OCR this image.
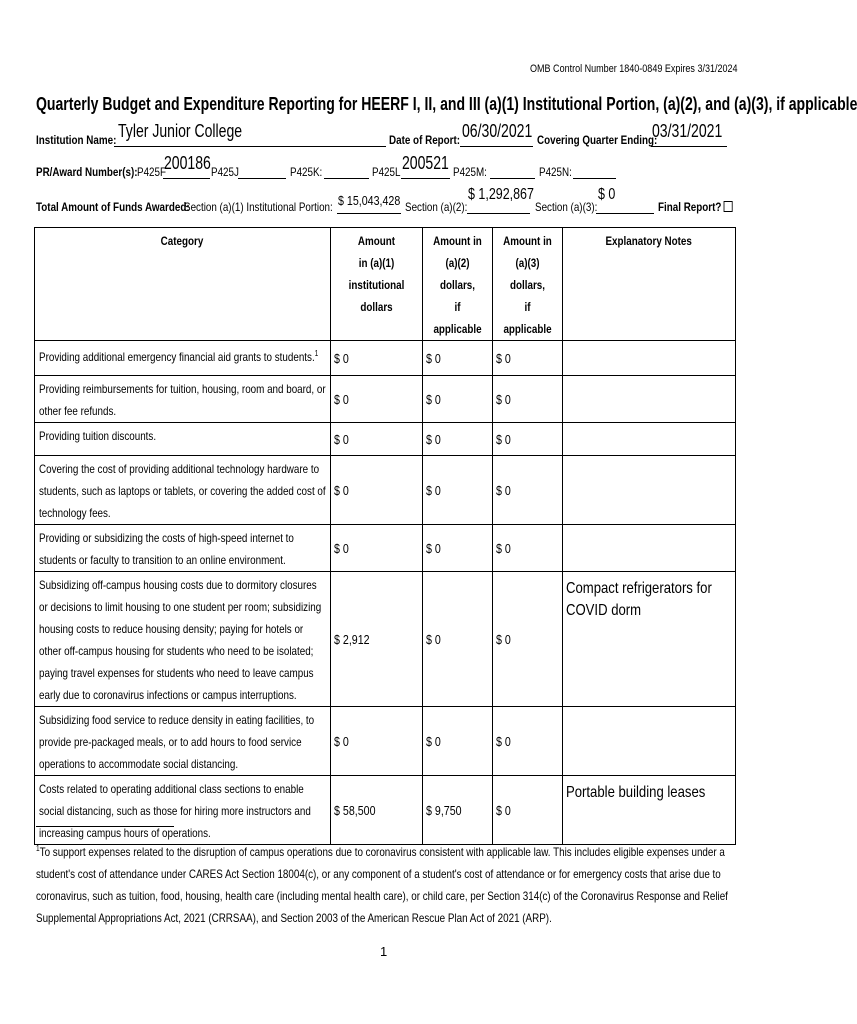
OMB Control Number 1840-0849 Expires 3/31/2024
Quarterly Budget and Expenditure Reporting for HEERF I, II, and III (a)(1) Institutional Portion, (a)(2), and (a)(3), if applicable
Institution Name: Tyler Junior College	Date of Report: 06/30/2021 Covering Quarter Ending:
03/31/2021
PR/Award Number(s): P425F
200186 P425J	P425K:	P425L 200521 P425M:	P425N:
Total Amount of Funds Awarded:
Section (a)(1) Institutional Portion: $ 15,043,428 Section (a)(2):
$ 1,292,867
Section (a)(3):
$ 0
Final Report?
Category	Amount
in (a)(1)
institutional dollars	Amount in
(a)(2) dollars,
if applicable	Amount in
(a)(3) dollars,
if applicable	Explanatory Notes

Providing additional emergency financial aid grants to students.$^1$	$ 0	$ 0	$ 0	

Providing reimbursements for tuition, housing, room and board, or other fee refunds.	$ 0	$ 0	$ 0	

Providing tuition discounts.	$ 0	$ 0	$ 0	

Covering the cost of providing additional technology hardware to students, such as laptops or tablets, or covering the added cost of technology fees.	$ 0	$ 0	$ 0	

Providing or subsidizing the costs of high-speed internet to students or faculty to transition to an online environment.	$ 0	$ 0	$ 0	

Subsidizing off-campus housing costs due to dormitory closures or decisions to limit housing to one student per room; subsidizing housing costs to reduce housing density; paying for hotels or other off-campus housing for students who need to be isolated; paying travel expenses for students who need to leave campus early due to coronavirus infections or campus interruptions.	$ 2,912	$ 0	$ 0	Compact refrigerators for COVID dorm

Subsidizing food service to reduce density in eating facilities, to provide pre-packaged meals, or to add hours to food service operations to accommodate social distancing.	$ 0	$ 0	$ 0	

Costs related to operating additional class sections to enable social distancing, such as those for hiring more instructors and increasing campus hours of operations.	$ 58,500	$ 9,750	$ 0	Portable building leases
$^1$To support expenses related to the disruption of campus operations due to coronavirus consistent with applicable law. This includes eligible expenses under a student's cost of attendance under CARES Act Section 18004(c), or any component of a student's cost of attendance or for emergency costs that arise due to coronavirus, such as tuition, food, housing, health care (including mental health care), or child care, per Section 314(c) of the Coronavirus Response and Relief Supplemental Appropriations Act, 2021 (CRRSAA), and Section 2003 of the American Rescue Plan Act of 2021 (ARP).
1
